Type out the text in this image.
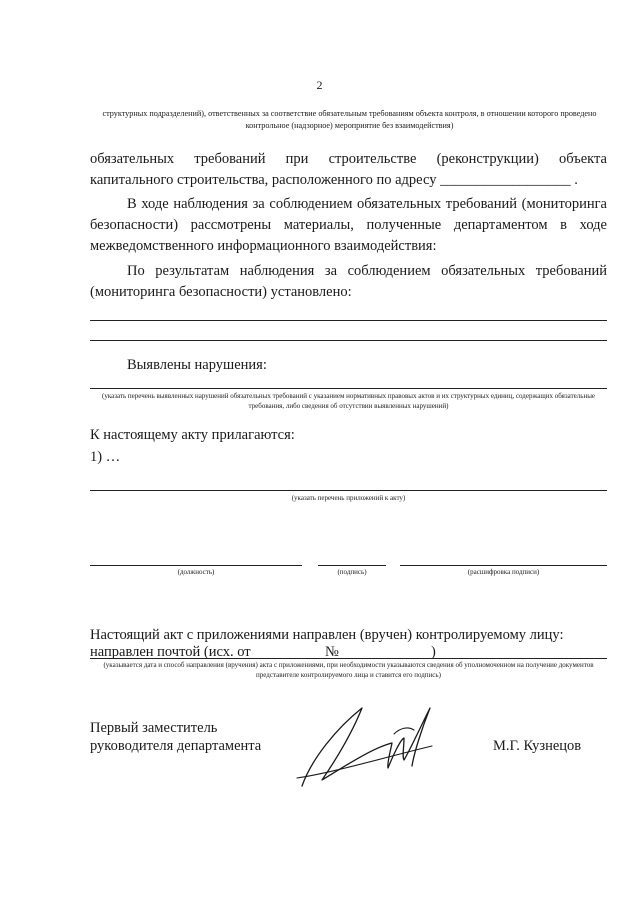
2
структурных подразделений), ответственных за соответствие обязательным требованиям объекта контроля, в отношении которого проведено контрольное (надзорное) мероприятие без взаимодействия)
обязательных требований при строительстве (реконструкции) объекта
капитального строительства, расположенного по адресу __________________ .
В ходе наблюдения за соблюдением обязательных требований (мониторинга
безопасности) рассмотрены материалы, полученные департаментом в ходе
межведомственного информационного взаимодействия:
По результатам наблюдения за соблюдением обязательных требований
(мониторинга безопасности) установлено:
Выявлены нарушения:
(указать перечень выявленных нарушений обязательных требований с указанием нормативных правовых актов и их структурных единиц, содержащих обязательные требования, либо сведения об отсутствии выявленных нарушений)
К настоящему акту прилагаются:
1) …
(указать перечень приложений к акту)
(должность)	(подпись)	(расшифровка подписи)
Настоящий акт с приложениями направлен (вручен) контролируемому лицу:
направлен почтой (исх. от	№	)
(указывается дата и способ направления (вручения) акта с приложениями, при необходимости указываются сведения об уполномоченном на получение документов представителе контролируемого лица и ставится его подпись)
Первый заместитель
руководителя департамента	М.Г. Кузнецов
